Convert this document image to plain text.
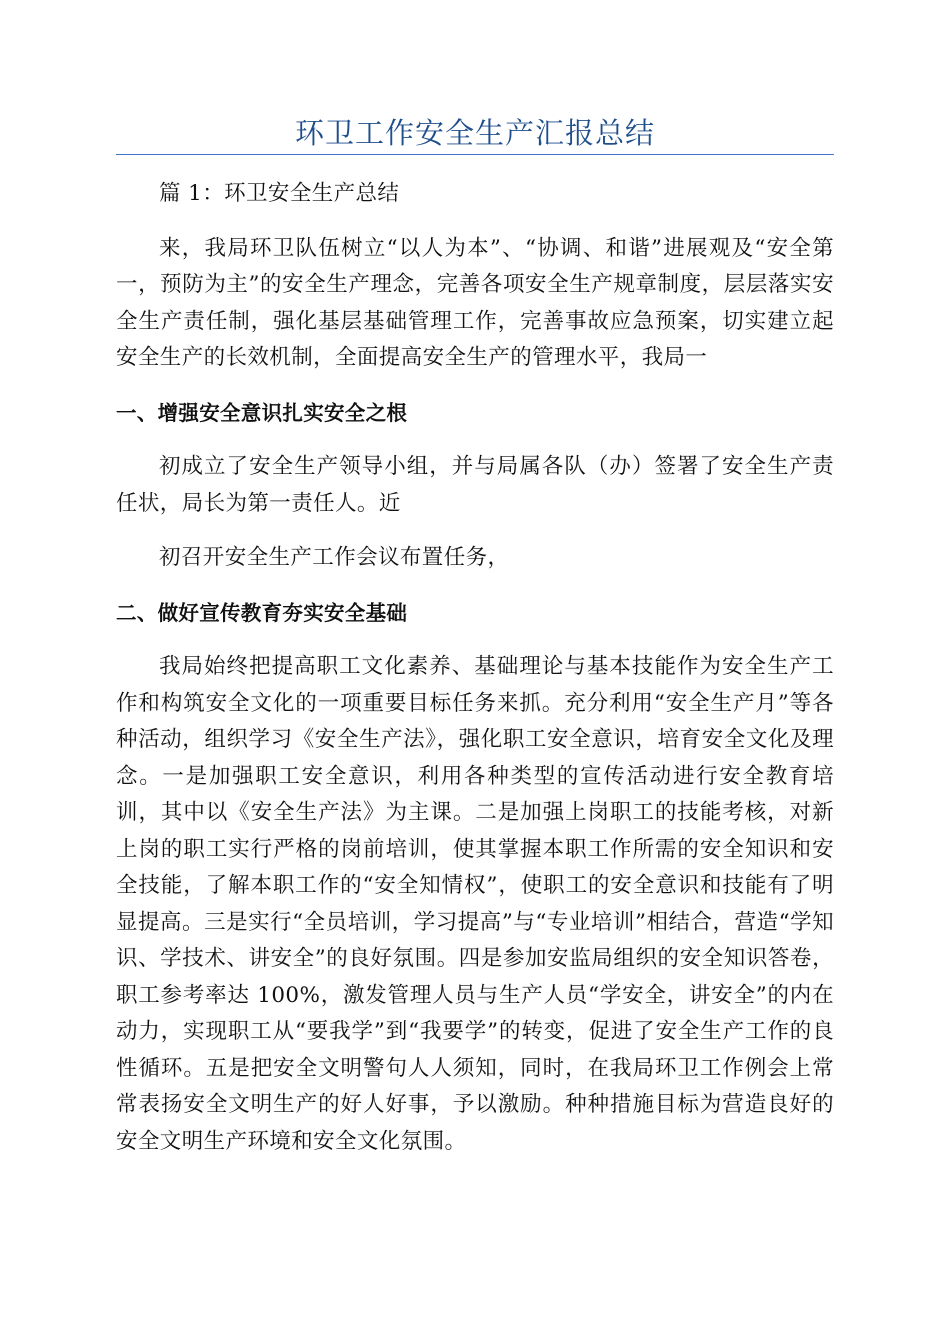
环卫工作安全生产汇报总结

篇 1：环卫安全生产总结

来，我局环卫队伍树立“以人为本”、“协调、和谐”进展观及“安全第一，预防为主”的安全生产理念，完善各项安全生产规章制度，层层落实安全生产责任制，强化基层基础管理工作，完善事故应急预案，切实建立起安全生产的长效机制，全面提高安全生产的管理水平，我局一

一、增强安全意识扎实安全之根

初成立了安全生产领导小组，并与局属各队（办）签署了安全生产责任状，局长为第一责任人。近

初召开安全生产工作会议布置任务，

二、做好宣传教育夯实安全基础

我局始终把提高职工文化素养、基础理论与基本技能作为安全生产工作和构筑安全文化的一项重要目标任务来抓。充分利用“安全生产月”等各种活动，组织学习《安全生产法》，强化职工安全意识，培育安全文化及理念。一是加强职工安全意识，利用各种类型的宣传活动进行安全教育培训，其中以《安全生产法》为主课。二是加强上岗职工的技能考核，对新上岗的职工实行严格的岗前培训，使其掌握本职工作所需的安全知识和安全技能，了解本职工作的“安全知情权”，使职工的安全意识和技能有了明显提高。三是实行“全员培训，学习提高”与“专业培训”相结合，营造“学知识、学技术、讲安全”的良好氛围。四是参加安监局组织的安全知识答卷，职工参考率达 100%，激发管理人员与生产人员“学安全，讲安全”的内在动力，实现职工从“要我学”到“我要学”的转变，促进了安全生产工作的良性循环。五是把安全文明警句人人须知，同时，在我局环卫工作例会上常常表扬安全文明生产的好人好事，予以激励。种种措施目标为营造良好的安全文明生产环境和安全文化氛围。
